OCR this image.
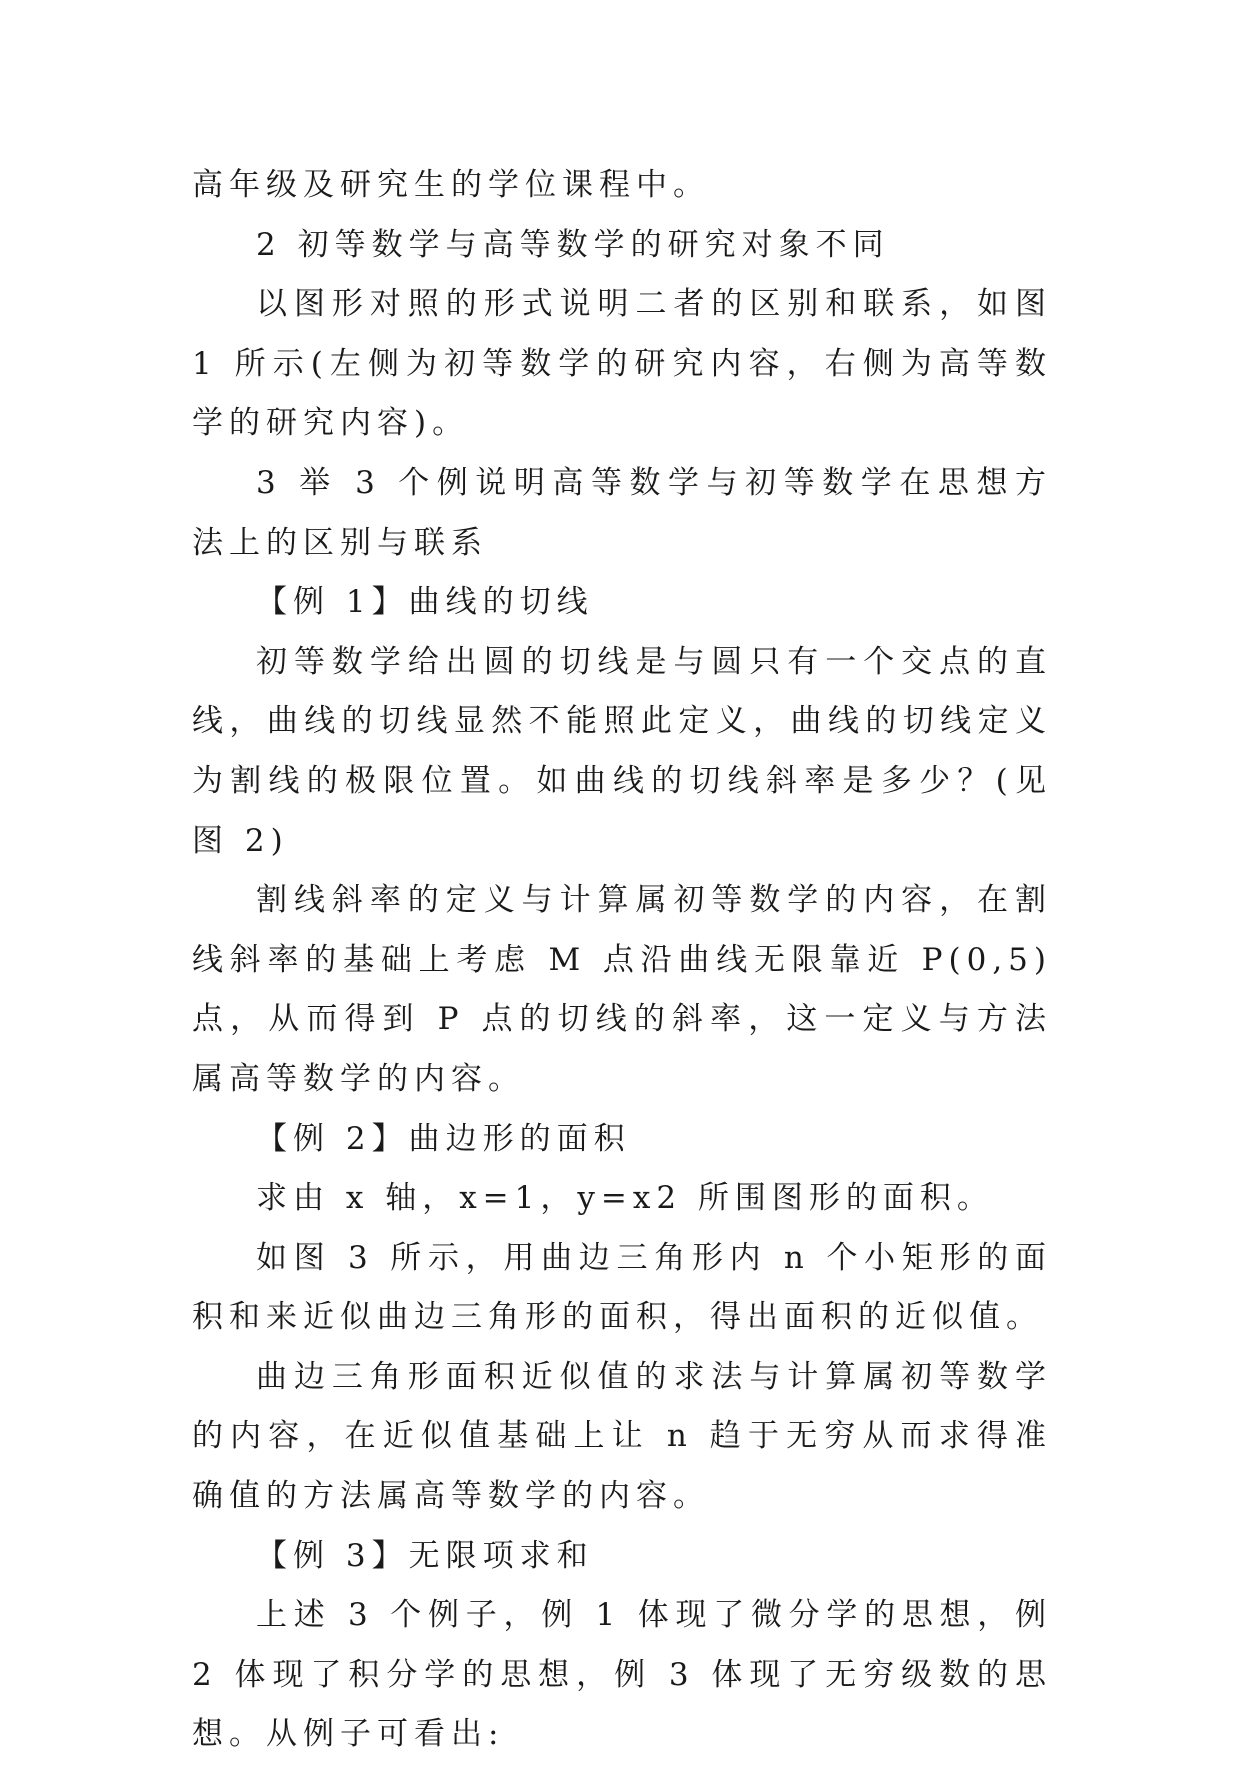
高年级及研究生的学位课程中。

2 初等数学与高等数学的研究对象不同

以图形对照的形式说明二者的区别和联系，如图 1 所示(左侧为初等数学的研究内容，右侧为高等数学的研究内容)。

3 举 3 个例说明高等数学与初等数学在思想方法上的区别与联系

【例 1】曲线的切线

初等数学给出圆的切线是与圆只有一个交点的直线，曲线的切线显然不能照此定义，曲线的切线定义为割线的极限位置。如曲线的切线斜率是多少？(见图 2)

割线斜率的定义与计算属初等数学的内容，在割线斜率的基础上考虑 M 点沿曲线无限靠近 P(0,5)点，从而得到 P 点的切线的斜率，这一定义与方法属高等数学的内容。

【例 2】曲边形的面积

求由 x 轴，x=1，y=x2 所围图形的面积。

如图 3 所示，用曲边三角形内 n 个小矩形的面积和来近似曲边三角形的面积，得出面积的近似值。

曲边三角形面积近似值的求法与计算属初等数学的内容，在近似值基础上让 n 趋于无穷从而求得准确值的方法属高等数学的内容。

【例 3】无限项求和

上述 3 个例子，例 1 体现了微分学的思想，例 2 体现了积分学的思想，例 3 体现了无穷级数的思想。从例子可看出:
